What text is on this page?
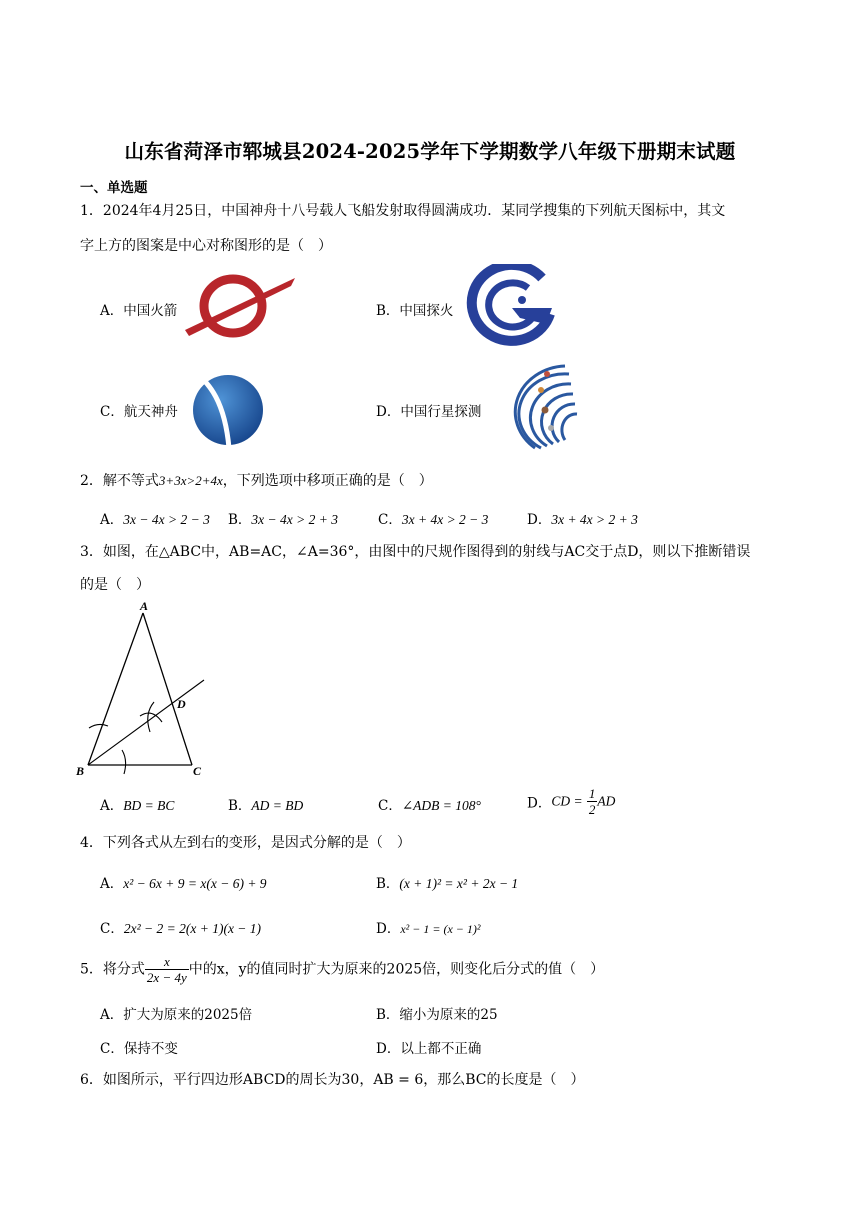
山东省菏泽市郓城县2024-2025学年下学期数学八年级下册期末试题
一、单选题
1．2024年4月25日，中国神舟十八号载人飞船发射取得圆满成功．某同学搜集的下列航天图标中，其文
字上方的图案是中心对称图形的是（　）
A．中国火箭	B．中国探火
C．航天神舟	D．中国行星探测
2．解不等式3+3x>2+4x，下列选项中移项正确的是（　）
A．3x − 4x > 2 − 3 B．3x − 4x > 2 + 3	C．3x + 4x > 2 − 3	D．3x + 4x > 2 + 3
3．如图，在△ABC中，AB=AC，∠A=36°，由图中的尺规作图得到的射线与AC交于点D，则以下推断错误
的是（　）
A
B	C
D
A．BD = BC	B．AD = BD	C．∠ADB = 108°	D．CD = $\frac{1}{2}$ AD
4．下列各式从左到右的变形，是因式分解的是（　）
A．x² − 6x + 9 = x(x − 6) + 9	B．(x + 1)² = x² + 2x − 1
C．2x² − 2 = 2(x + 1)(x − 1)	D．x² − 1 = (x − 1)²
5．将分式 $\frac{x}{2x - 4y}$ 中的x，y的值同时扩大为原来的2025倍，则变化后分式的值（　）
A．扩大为原来的2025倍	B．缩小为原来的25
C．保持不变	D．以上都不正确
6．如图所示，平行四边形ABCD的周长为30，AB = 6，那么BC的长度是（　）
